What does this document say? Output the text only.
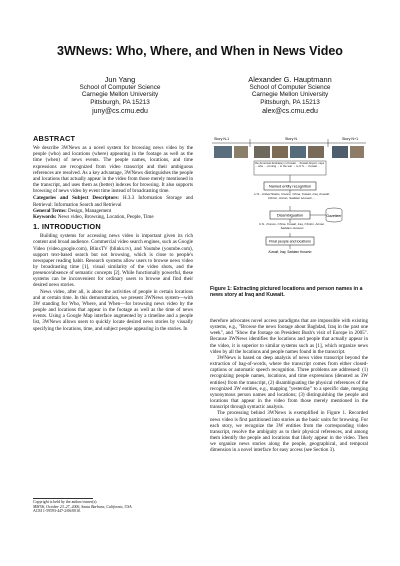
3WNews: Who, Where, and When in News Video
Jun Yang
School of Computer Science
Carnegie Mellon University
Pittsburgh, PA 15213
juny@cs.cmu.edu
Alexander G. Hauptmann
School of Computer Science
Carnegie Mellon University
Pittsburgh, PA 15213
alex@cs.cmu.edu
ABSTRACT

We describe 3WNews as a novel system for browsing news video by the people (who) and locations (where) appearing in the footage as well as the time (when) of news events. The people names, locations, and time expressions are recognized from video transcript and their ambiguous references are resolved. As a key advantage, 3WNews distinguishes the people and locations that actually appear in the video from those merely mentioned in the transcript, and uses them as (better) indexes for browsing. It also supports browsing of news video by event time instead of broadcasting time.

Categories and Subject Descriptors: H.3.3 Information Storage and Retrieval: Information Search and Retrieval
General Terms: Design, Management
Keywords: News video, Browsing, Location, People, Time
1. INTRODUCTION

Building systems for accessing news video is important given its rich content and broad audience. Commercial video search engines, such as Google Video (video.google.com), BlinxTV (blinkx.tv), and Youtube (youtube.com), support text-based search but not browsing, which is close to people's newspaper reading habit. Research systems allow users to browse news video by broadcasting time [1], visual similarity of the video shots, and the presence/absence of semantic concepts [2]. While functionally powerful, these systems can be inconvenient for ordinary users to browse and find their desired news stories.

News video, after all, is about the activities of people in certain locations and at certain time. In this demonstration, we present 3WNews system—with 3W standing for Who, Where, and When—for browsing news video by the people and locations that appear in the footage as well as the time of news events. Using a Google Map interface augmented by a timeline and a people list, 3WNews allows users to quickly locate desired news stories by visually specifying the locations, time, and subject people appearing in the stories. In

Copyright is held by the author/owner(s).
MM'06, October 23–27, 2006, Santa Barbara, California, USA.
ACM 1-59593-447-2/06/0010.
Story N-1	Story N	Story N+1
the American Embassy in Kuwait ... Kuwait Airport, says ... who ... coming ... in the war ... to U.S. ... Kuwait ...
Named entity recognition
U.S., United States, France, China, Kuwait, Iraq, Kuwaiti, Clinton, Annan, Saddam Hussein, ...
Disambiguation	Gazetteer
U.S., France, China, Kuwait, Iraq, Clinton, Annan, Saddam Hussein
Final people and locations
Kuwait, Iraq, Saddam Hussein
Figure 1: Extracting pictured locations and person names in a news story at Iraq and Kuwait.

therefore advocates novel access paradigms that are impossible with existing systems, e.g., "Browse the news footage about Baghdad, Iraq in the past one week", and "Show the footage on President Bush's visit of Europe in 2005". Because 3WNews identifies the locations and people that actually appear in the video, it is superior to similar systems such as [1], which organize news video by all the locations and people names found in the transcript.

3WNews is based on deep analysis of news video transcript beyond the extraction of bag-of-words, where the transcript comes from either closed-captions or automatic speech recognition. Three problems are addressed: (1) recognizing people names, locations, and time expressions (denoted as 3W entities) from the transcript, (2) disambiguating the physical references of the recognized 3W entities, e.g., mapping "yesterday" to a specific date, merging synonymous person names and locations; (3) distinguishing the people and locations that appear in the video from those merely mentioned in the transcript through syntactic analysis.

The processing behind 3WNews is exemplified in Figure 1. Recorded news video is first partitioned into stories as the basic units for browsing. For each story, we recognize the 3W entities from the corresponding video transcript, resolve the ambiguity as to their physical references, and among them identify the people and locations that likely appear in the video. Then we organize news stories along the people, geographical, and temporal dimension in a novel interface for easy access (see Section 3).
